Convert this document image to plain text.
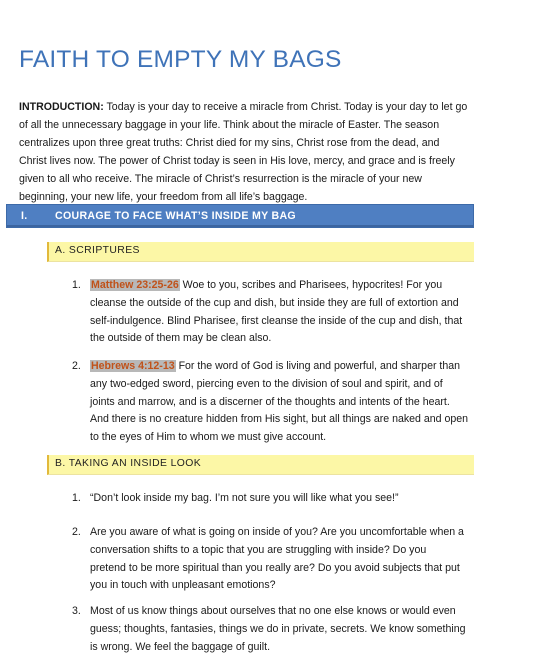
FAITH TO EMPTY MY BAGS

INTRODUCTION: Today is your day to receive a miracle from Christ. Today is your day to let go
of all the unnecessary baggage in your life. Think about the miracle of Easter. The season
centralizes upon three great truths: Christ died for my sins, Christ rose from the dead, and
Christ lives now. The power of Christ today is seen in His love, mercy, and grace and is freely
given to all who receive. The miracle of Christ’s resurrection is the miracle of your new
beginning, your new life, your freedom from all life’s baggage.

I.	COURAGE TO FACE WHAT’S INSIDE MY BAG
A. SCRIPTURES
1. Matthew 23:25-26 Woe to you, scribes and Pharisees, hypocrites! For you
cleanse the outside of the cup and dish, but inside they are full of extortion and
self-indulgence. Blind Pharisee, first cleanse the inside of the cup and dish, that
the outside of them may be clean also.

2. Hebrews 4:12-13 For the word of God is living and powerful, and sharper than
any two-edged sword, piercing even to the division of soul and spirit, and of
joints and marrow, and is a discerner of the thoughts and intents of the heart.
And there is no creature hidden from His sight, but all things are naked and open
to the eyes of Him to whom we must give account.

B. TAKING AN INSIDE LOOK
1. “Don’t look inside my bag. I’m not sure you will like what you see!”

2. Are you aware of what is going on inside of you? Are you uncomfortable when a
conversation shifts to a topic that you are struggling with inside? Do you
pretend to be more spiritual than you really are? Do you avoid subjects that put
you in touch with unpleasant emotions?

3. Most of us know things about ourselves that no one else knows or would even
guess; thoughts, fantasies, things we do in private, secrets. We know something
is wrong. We feel the baggage of guilt.
